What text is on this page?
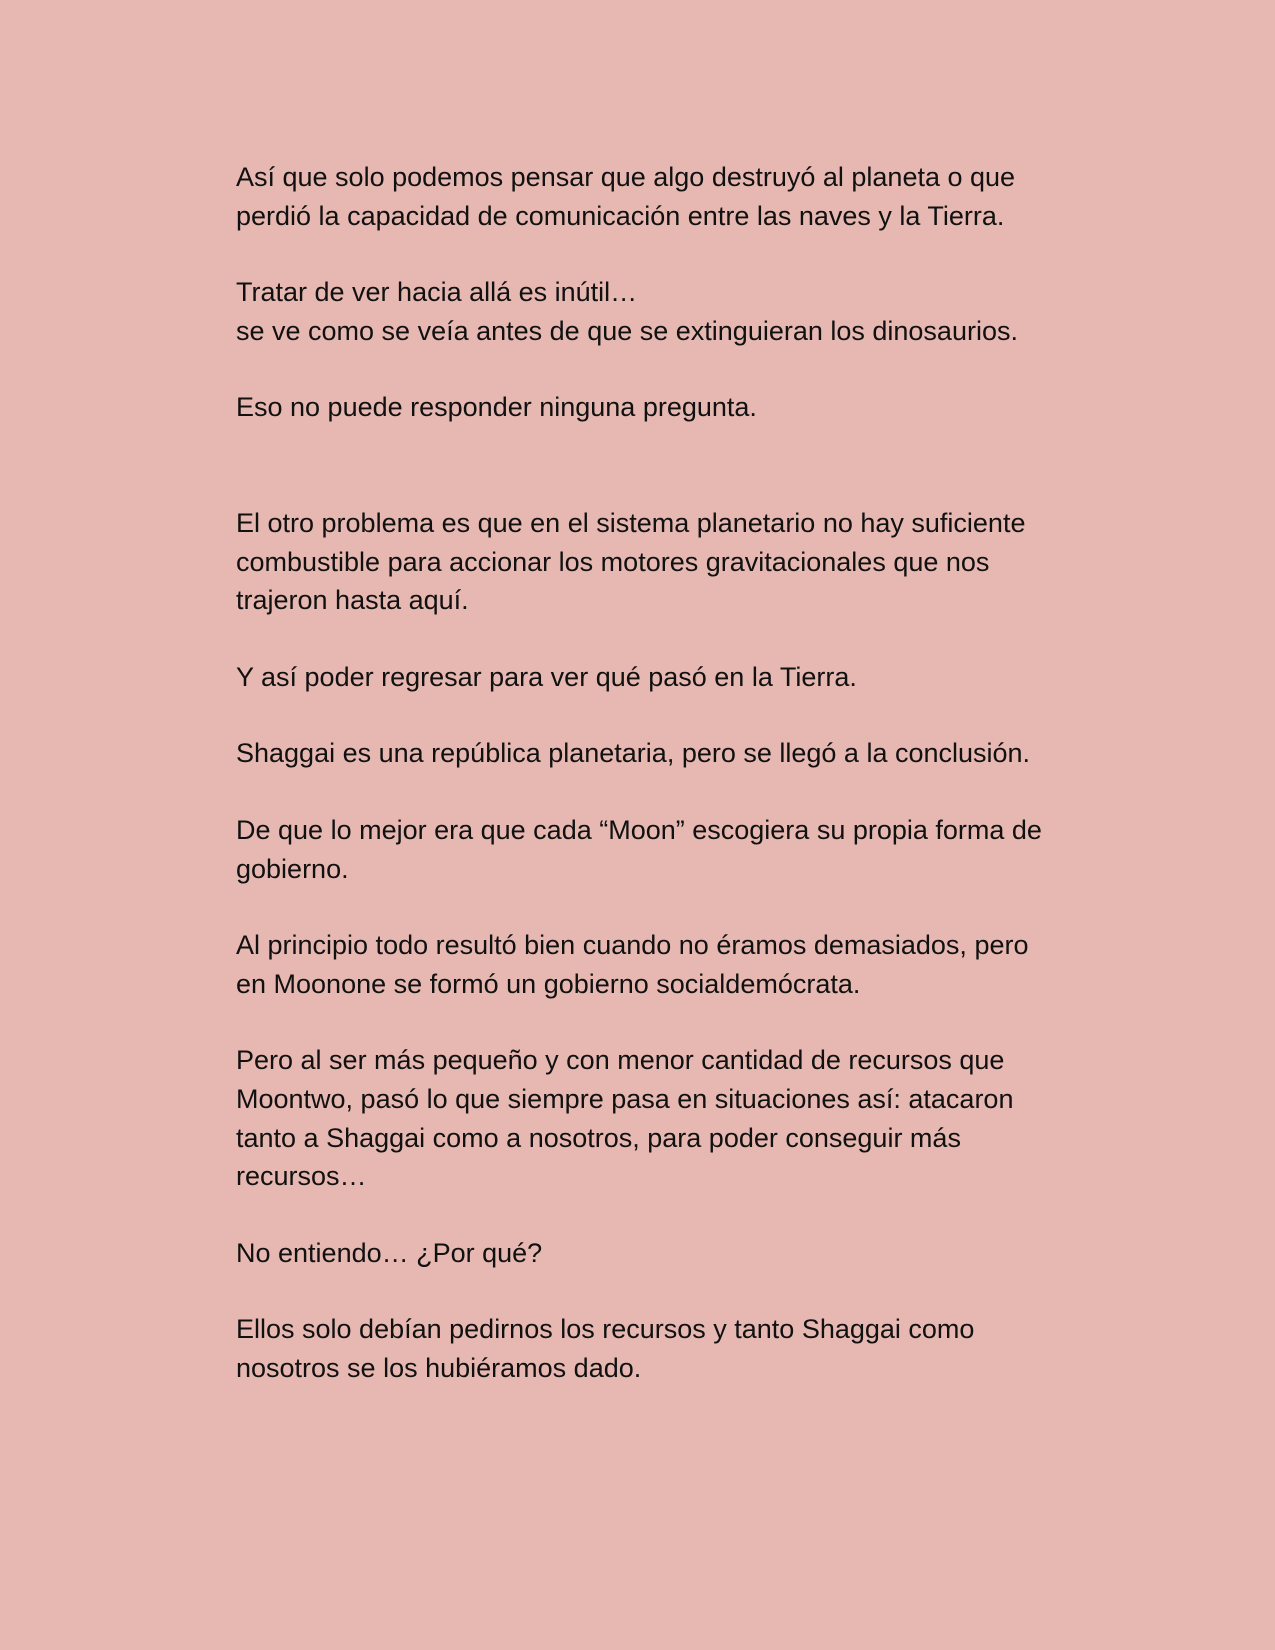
Así que solo podemos pensar que algo destruyó al planeta o que
perdió la capacidad de comunicación entre las naves y la Tierra.

Tratar de ver hacia allá es inútil…
se ve como se veía antes de que se extinguieran los dinosaurios.

Eso no puede responder ninguna pregunta.

El otro problema es que en el sistema planetario no hay suficiente
combustible para accionar los motores gravitacionales que nos
trajeron hasta aquí.

Y así poder regresar para ver qué pasó en la Tierra.

Shaggai es una república planetaria, pero se llegó a la conclusión.

De que lo mejor era que cada “Moon” escogiera su propia forma de
gobierno.

Al principio todo resultó bien cuando no éramos demasiados, pero
en Moonone se formó un gobierno socialdemócrata.

Pero al ser más pequeño y con menor cantidad de recursos que
Moontwo, pasó lo que siempre pasa en situaciones así: atacaron
tanto a Shaggai como a nosotros, para poder conseguir más
recursos…

No entiendo… ¿Por qué?

Ellos solo debían pedirnos los recursos y tanto Shaggai como
nosotros se los hubiéramos dado.
